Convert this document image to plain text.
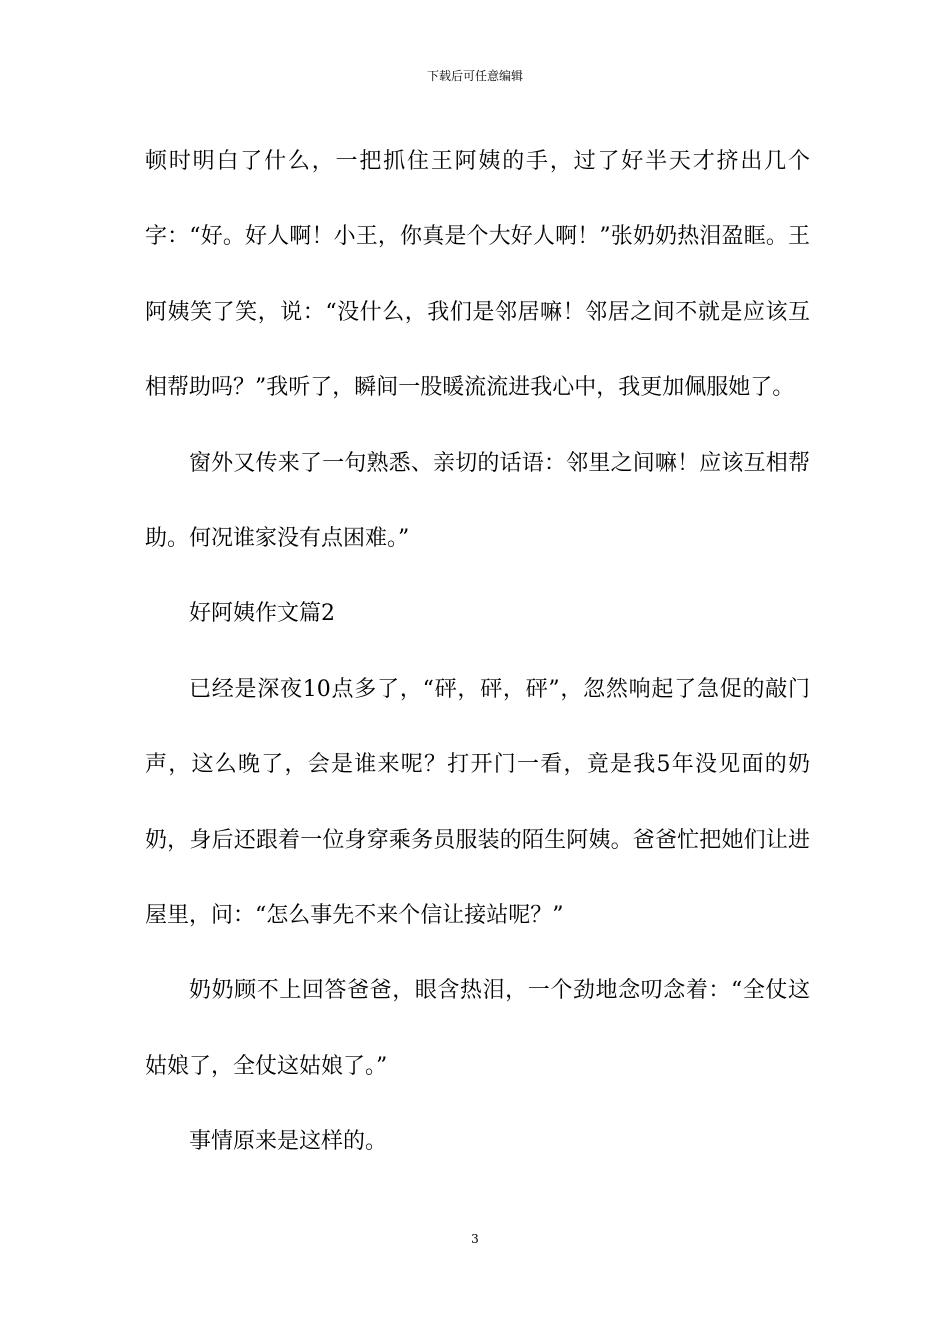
下载后可任意编辑

顿时明白了什么，一把抓住王阿姨的手，过了好半天才挤出几个字：“好。好人啊！小王，你真是个大好人啊！”张奶奶热泪盈眶。王阿姨笑了笑，说：“没什么，我们是邻居嘛！邻居之间不就是应该互相帮助吗？”我听了，瞬间一股暖流流进我心中，我更加佩服她了。

窗外又传来了一句熟悉、亲切的话语：邻里之间嘛！应该互相帮助。何况谁家没有点困难。”

好阿姨作文篇2

已经是深夜10点多了，“砰，砰，砰”，忽然响起了急促的敲门声，这么晚了，会是谁来呢？打开门一看，竟是我5年没见面的奶奶，身后还跟着一位身穿乘务员服装的陌生阿姨。爸爸忙把她们让进屋里，问：“怎么事先不来个信让接站呢？”

奶奶顾不上回答爸爸，眼含热泪，一个劲地念叨念着：“全仗这姑娘了，全仗这姑娘了。”

事情原来是这样的。

3
